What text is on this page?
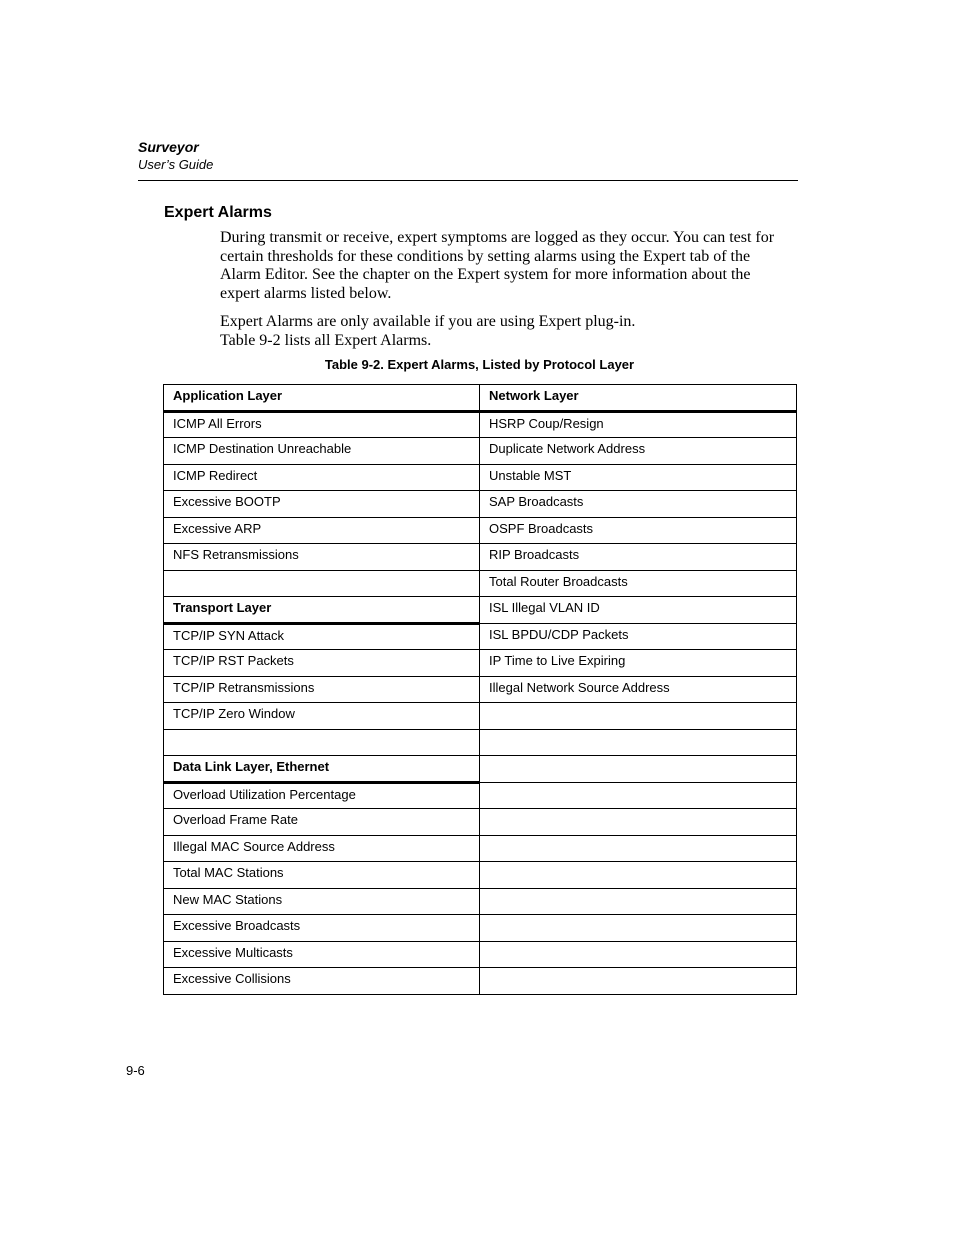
Surveyor
User’s Guide
Expert Alarms
During transmit or receive, expert symptoms are logged as they occur. You can test for certain thresholds for these conditions by setting alarms using the Expert tab of the Alarm Editor. See the chapter on the Expert system for more information about the expert alarms listed below.
Expert Alarms are only available if you are using Expert plug-in.
Table 9-2 lists all Expert Alarms.
Table 9-2. Expert Alarms, Listed by Protocol Layer
Application Layer	Network Layer
ICMP All Errors	HSRP Coup/Resign
ICMP Destination Unreachable	Duplicate Network Address
ICMP Redirect	Unstable MST
Excessive BOOTP	SAP Broadcasts
Excessive ARP	OSPF Broadcasts
NFS Retransmissions	RIP Broadcasts
	Total Router Broadcasts
Transport Layer	ISL Illegal VLAN ID
TCP/IP SYN Attack	ISL BPDU/CDP Packets
TCP/IP RST Packets	IP Time to Live Expiring
TCP/IP Retransmissions	Illegal Network Source Address
TCP/IP Zero Window	

Data Link Layer, Ethernet	
Overload Utilization Percentage	
Overload Frame Rate	
Illegal MAC Source Address	
Total MAC Stations	
New MAC Stations	
Excessive Broadcasts	
Excessive Multicasts	
Excessive Collisions	
9-6
